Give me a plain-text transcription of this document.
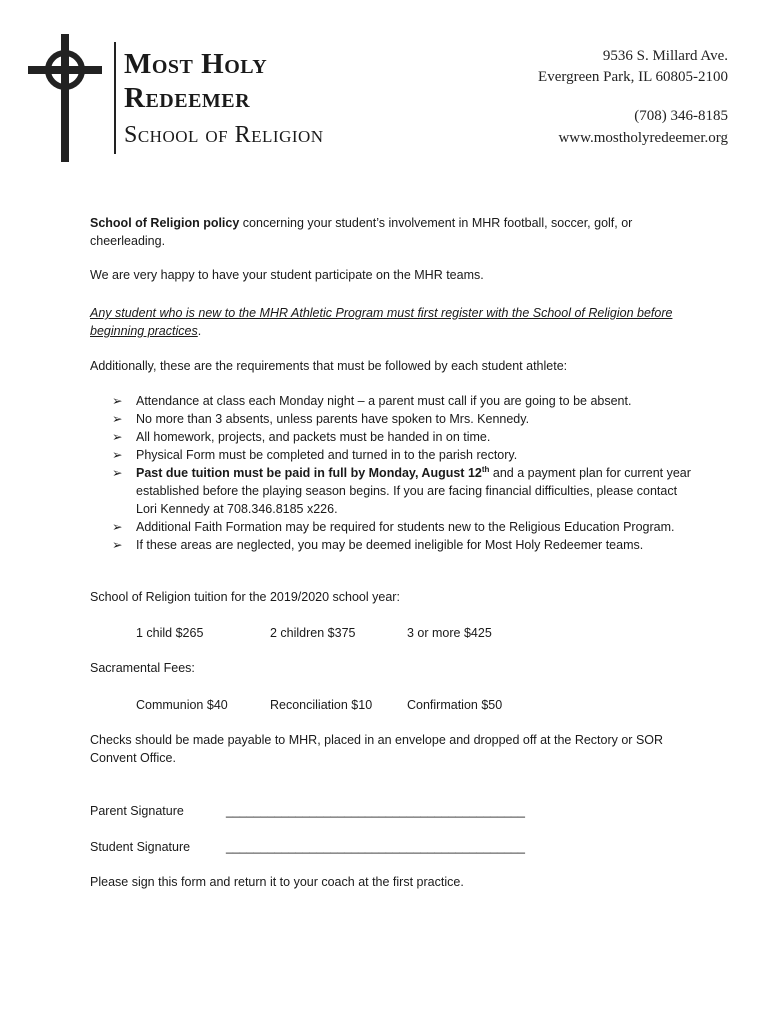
Most Holy
Redeemer
School of Religion
9536 S. Millard Ave.
Evergreen Park, IL 60805-2100
(708) 346-8185
www.mostholyredeemer.org
School of Religion policy concerning your student’s involvement in MHR football, soccer, golf, or cheerleading.
We are very happy to have your student participate on the MHR teams.
Any student who is new to the MHR Athletic Program must first register with the School of Religion before beginning practices.
Additionally, these are the requirements that must be followed by each student athlete:
➢	Attendance at class each Monday night – a parent must call if you are going to be absent.
➢	No more than 3 absents, unless parents have spoken to Mrs. Kennedy.
➢	All homework, projects, and packets must be handed in on time.
➢	Physical Form must be completed and turned in to the parish rectory.
➢	Past due tuition must be paid in full by Monday, August 12th and a payment plan for current year established before the playing season begins. If you are facing financial difficulties, please contact Lori Kennedy at 708.346.8185 x226.
➢	Additional Faith Formation may be required for students new to the Religious Education Program.
➢	If these areas are neglected, you may be deemed ineligible for Most Holy Redeemer teams.
School of Religion tuition for the 2019/2020 school year:
1 child $265	2 children $375	3 or more $425
Sacramental Fees:
Communion $40	Reconciliation $10	Confirmation $50
Checks should be made payable to MHR, placed in an envelope and dropped off at the Rectory or SOR Convent Office.
Parent Signature	___________________________________________
Student Signature	___________________________________________
Please sign this form and return it to your coach at the first practice.
